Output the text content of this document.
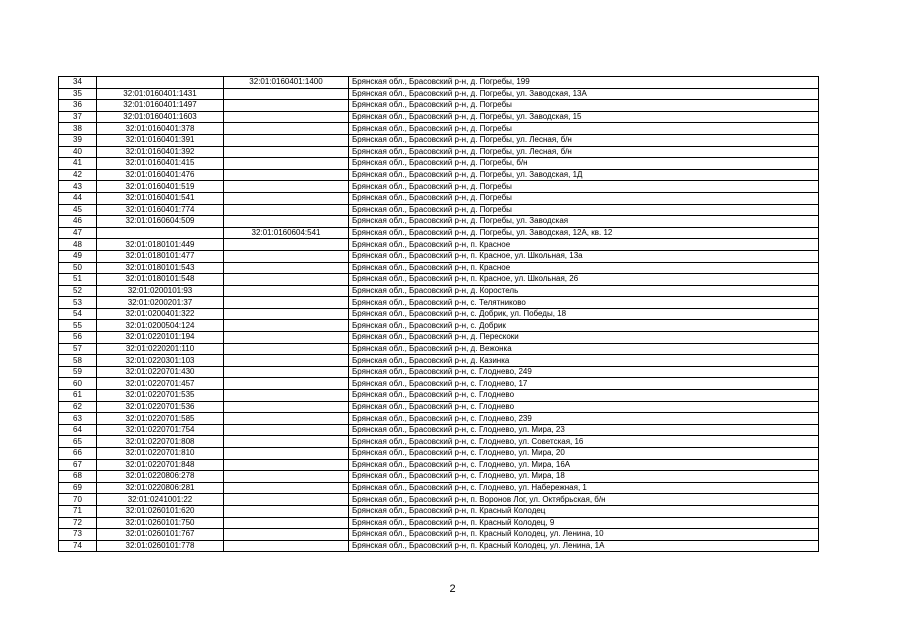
34		32:01:0160401:1400	Брянская обл., Брасовский р-н, д. Погребы, 199
35	32:01:0160401:1431		Брянская обл., Брасовский р-н, д. Погребы, ул. Заводская, 13А
36	32:01:0160401:1497		Брянская обл., Брасовский р-н, д. Погребы
37	32:01:0160401:1603		Брянская обл., Брасовский р-н, д. Погребы, ул. Заводская, 15
38	32:01:0160401:378		Брянская обл., Брасовский р-н, д. Погребы
39	32:01:0160401:391		Брянская обл., Брасовский р-н, д. Погребы, ул. Лесная, б/н
40	32:01:0160401:392		Брянская обл., Брасовский р-н, д. Погребы, ул. Лесная, б/н
41	32:01:0160401:415		Брянская обл., Брасовский р-н, д. Погребы, б/н
42	32:01:0160401:476		Брянская обл., Брасовский р-н, д. Погребы, ул. Заводская, 1Д
43	32:01:0160401:519		Брянская обл., Брасовский р-н, д. Погребы
44	32:01:0160401:541		Брянская обл., Брасовский р-н, д. Погребы
45	32:01:0160401:774		Брянская обл., Брасовский р-н, д. Погребы
46	32:01:0160604:509		Брянская обл., Брасовский р-н, д. Погребы, ул. Заводская
47		32:01:0160604:541	Брянская обл., Брасовский р-н, д. Погребы, ул. Заводская, 12А, кв. 12
48	32:01:0180101:449		Брянская обл., Брасовский р-н, п. Красное
49	32:01:0180101:477		Брянская обл., Брасовский р-н, п. Красное, ул. Школьная, 13а
50	32:01:0180101:543		Брянская обл., Брасовский р-н, п. Красное
51	32:01:0180101:548		Брянская обл., Брасовский р-н, п. Красное, ул. Школьная, 26
52	32:01:0200101:93		Брянская обл., Брасовский р-н, д. Коростель
53	32:01:0200201:37		Брянская обл., Брасовский р-н, с. Телятниково
54	32:01:0200401:322		Брянская обл., Брасовский р-н, с. Добрик, ул. Победы, 18
55	32:01:0200504:124		Брянская обл., Брасовский р-н, с. Добрик
56	32:01:0220101:194		Брянская обл., Брасовский р-н, д. Перескоки
57	32:01:0220201:110		Брянская обл., Брасовский р-н, д. Вежонка
58	32:01:0220301:103		Брянская обл., Брасовский р-н, д. Казинка
59	32:01:0220701:430		Брянская обл., Брасовский р-н, с. Глоднево, 249
60	32:01:0220701:457		Брянская обл., Брасовский р-н, с. Глоднево, 17
61	32:01:0220701:535		Брянская обл., Брасовский р-н, с. Глоднево
62	32:01:0220701:536		Брянская обл., Брасовский р-н, с. Глоднево
63	32:01:0220701:585		Брянская обл., Брасовский р-н, с. Глоднево, 239
64	32:01:0220701:754		Брянская обл., Брасовский р-н, с. Глоднево, ул. Мира, 23
65	32:01:0220701:808		Брянская обл., Брасовский р-н, с. Глоднево, ул. Советская, 16
66	32:01:0220701:810		Брянская обл., Брасовский р-н, с. Глоднево, ул. Мира, 20
67	32:01:0220701:848		Брянская обл., Брасовский р-н, с. Глоднево, ул. Мира, 16А
68	32:01:0220806:278		Брянская обл., Брасовский р-н, с. Глоднево, ул. Мира, 18
69	32:01:0220806:281		Брянская обл., Брасовский р-н, с. Глоднево, ул. Набережная, 1
70	32:01:0241001:22		Брянская обл., Брасовский р-н, п. Воронов Лог, ул. Октябрьская, б/н
71	32:01:0260101:620		Брянская обл., Брасовский р-н, п. Красный Колодец
72	32:01:0260101:750		Брянская обл., Брасовский р-н, п. Красный Колодец, 9
73	32:01:0260101:767		Брянская обл., Брасовский р-н, п. Красный Колодец, ул. Ленина, 10
74	32:01:0260101:778		Брянская обл., Брасовский р-н, п. Красный Колодец, ул. Ленина, 1А
2
